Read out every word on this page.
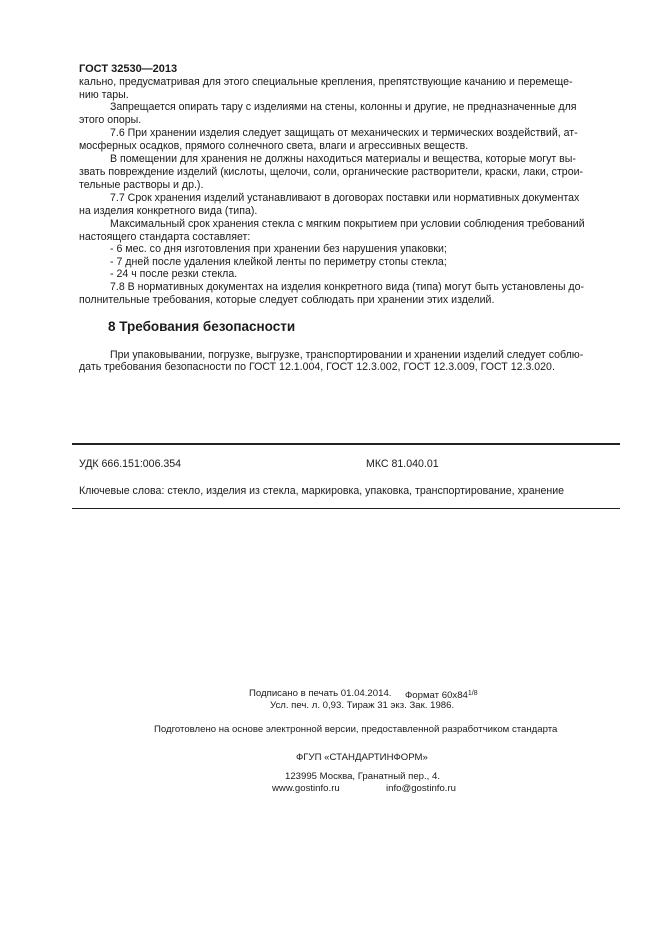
ГОСТ 32530—2013
кально, предусматривая для этого специальные крепления, препятствующие качанию и перемеще-
нию тары.
Запрещается опирать тару с изделиями на стены, колонны и другие, не предназначенные для
этого опоры.
7.6 При хранении изделия следует защищать от механических и термических воздействий, ат-
мосферных осадков, прямого солнечного света, влаги и агрессивных веществ.
В помещении для хранения не должны находиться материалы и вещества, которые могут вы-
звать повреждение изделий (кислоты, щелочи, соли, органические растворители, краски, лаки, строи-
тельные растворы и др.).
7.7 Срок хранения изделий устанавливают в договорах поставки или нормативных документах
на изделия конкретного вида (типа).
Максимальный срок хранения стекла с мягким покрытием при условии соблюдения требований
настоящего стандарта составляет:
- 6 мес. со дня изготовления при хранении без нарушения упаковки;
- 7 дней после удаления клейкой ленты по периметру стопы стекла;
- 24 ч после резки стекла.
7.8 В нормативных документах на изделия конкретного вида (типа) могут быть установлены до-
полнительные требования, которые следует соблюдать при хранении этих изделий.
8 Требования безопасности
При упаковывании, погрузке, выгрузке, транспортировании и хранении изделий следует соблю-
дать требования безопасности по ГОСТ 12.1.004, ГОСТ 12.3.002, ГОСТ 12.3.009, ГОСТ 12.3.020.
УДК 666.151:006.354	МКС 81.040.01
Ключевые слова: стекло, изделия из стекла, маркировка, упаковка, транспортирование, хранение
Подписано в печать 01.04.2014. Формат $60x84^{1/8}$
Усл. печ. л. 0,93. Тираж 31 экз. Зак. 1986.
Подготовлено на основе электронной версии, предоставленной разработчиком стандарта
ФГУП «СТАНДАРТИНФОРМ»
123995 Москва, Гранатный пер., 4.
www.gostinfo.ru	info@gostinfo.ru
